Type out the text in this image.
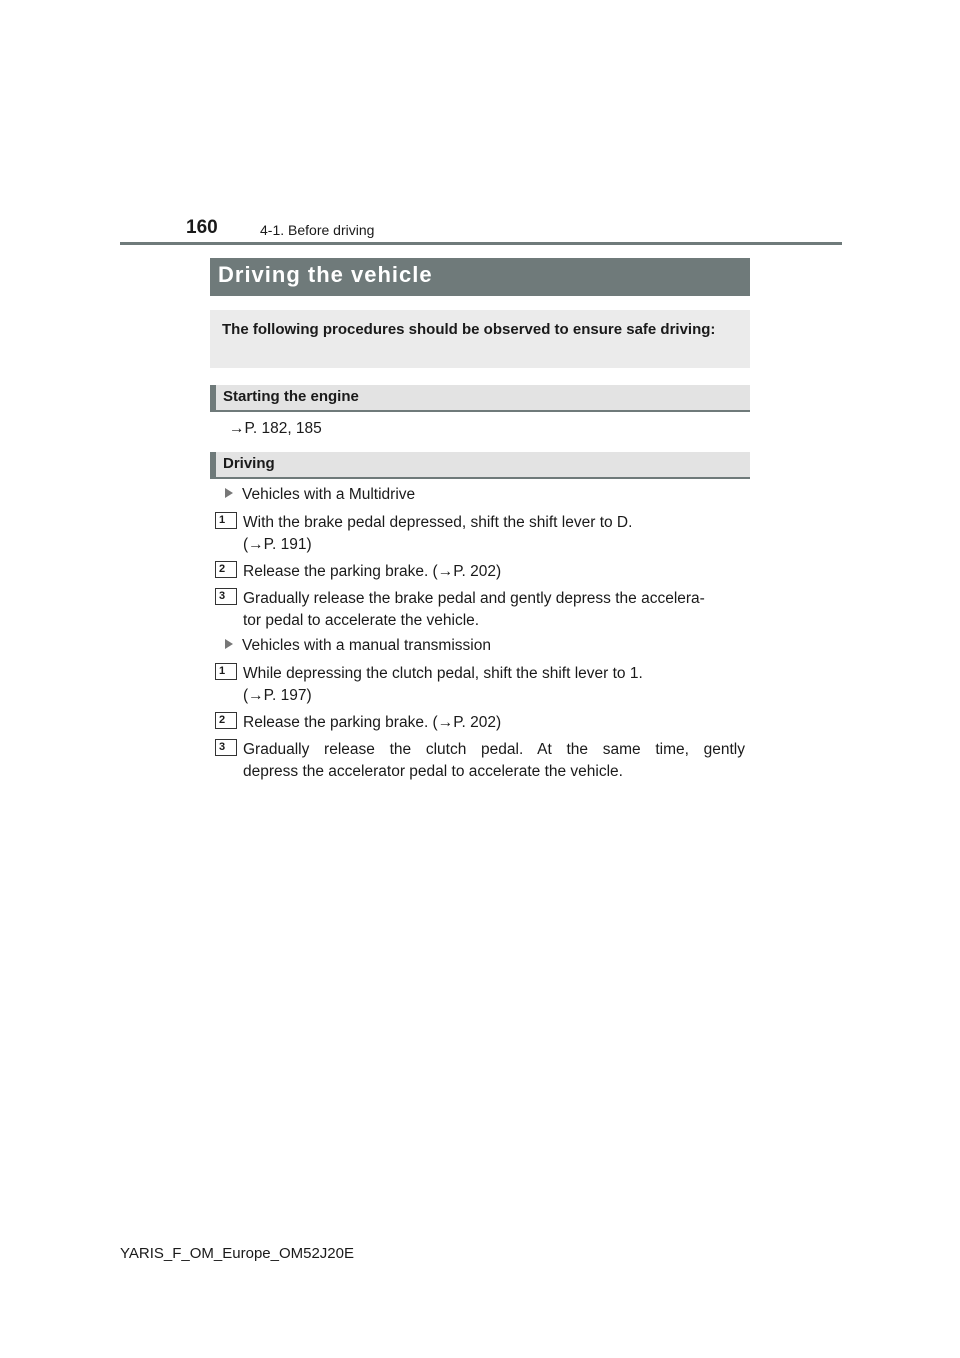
160	4-1. Before driving
Driving the vehicle
The following procedures should be observed to ensure safe driving:
Starting the engine
→P. 182, 185
Driving
Vehicles with a Multidrive
1	With the brake pedal depressed, shift the shift lever to D.
(→P. 191)
2	Release the parking brake. (→P. 202)
3	Gradually release the brake pedal and gently depress the accelera-
tor pedal to accelerate the vehicle.
Vehicles with a manual transmission
1	While depressing the clutch pedal, shift the shift lever to 1.
(→P. 197)
2	Release the parking brake. (→P. 202)
3	Gradually release the clutch pedal. At the same time, gently
depress the accelerator pedal to accelerate the vehicle.
YARIS_F_OM_Europe_OM52J20E
